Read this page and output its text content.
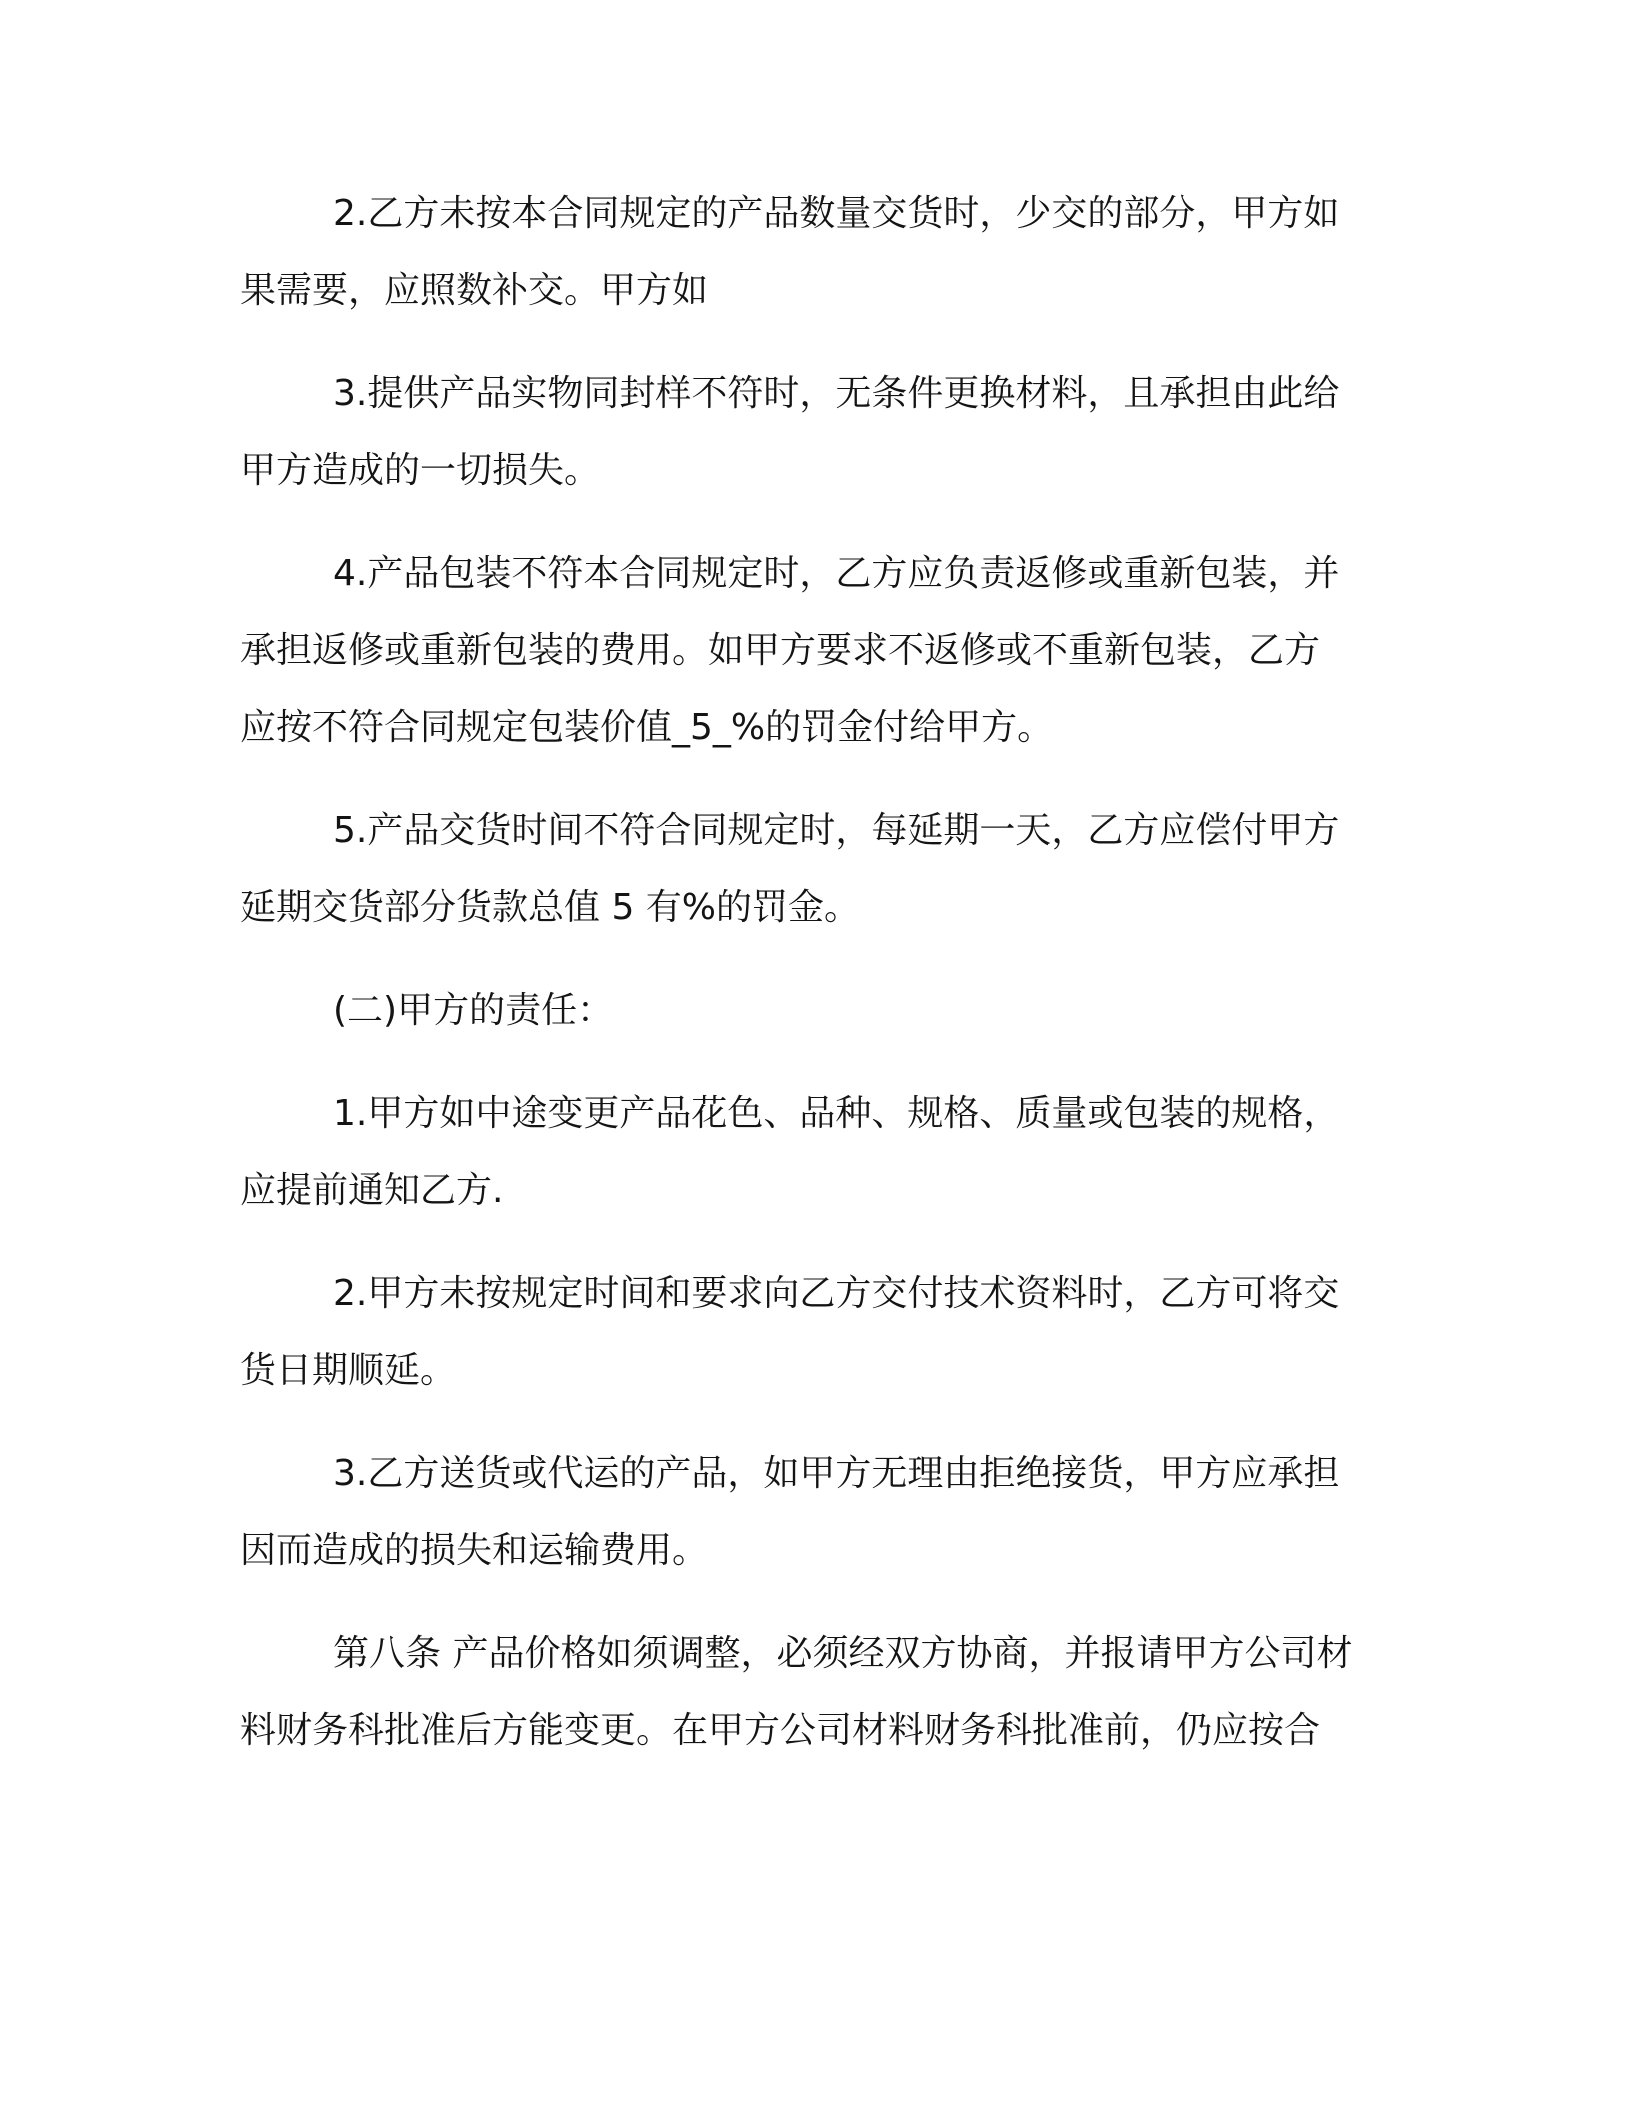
2.乙方未按本合同规定的产品数量交货时，少交的部分，甲方如
果需要，应照数补交。甲方如

3.提供产品实物同封样不符时，无条件更换材料，且承担由此给
甲方造成的一切损失。

4.产品包装不符本合同规定时，乙方应负责返修或重新包装，并
承担返修或重新包装的费用。如甲方要求不返修或不重新包装，乙方
应按不符合同规定包装价值_5_%的罚金付给甲方。

5.产品交货时间不符合同规定时，每延期一天，乙方应偿付甲方
延期交货部分货款总值 5 有%的罚金。

(二)甲方的责任：

1.甲方如中途变更产品花色、品种、规格、质量或包装的规格，
应提前通知乙方.

2.甲方未按规定时间和要求向乙方交付技术资料时，乙方可将交
货日期顺延。

3.乙方送货或代运的产品，如甲方无理由拒绝接货，甲方应承担
因而造成的损失和运输费用。

第八条 产品价格如须调整，必须经双方协商，并报请甲方公司材
料财务科批准后方能变更。在甲方公司材料财务科批准前，仍应按合
